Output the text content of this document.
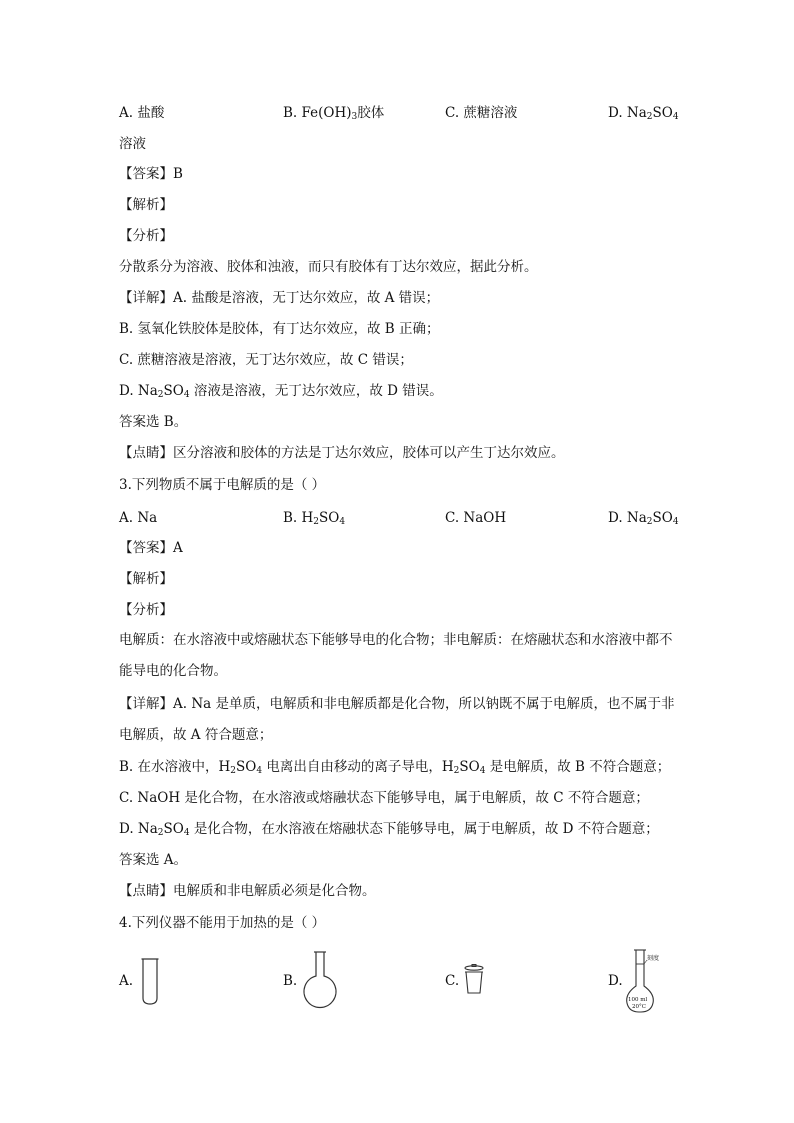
A. 盐酸	B. $Fe(OH)_3$胶体	C. 蔗糖溶液	D. $Na_2SO_4$
溶液
【答案】B
【解析】
【分析】
分散系分为溶液、胶体和浊液，而只有胶体有丁达尔效应，据此分析。
【详解】A. 盐酸是溶液，无丁达尔效应，故 A 错误；
B. 氢氧化铁胶体是胶体，有丁达尔效应，故 B 正确；
C. 蔗糖溶液是溶液，无丁达尔效应，故 C 错误；
D. $Na_2SO_4$ 溶液是溶液，无丁达尔效应，故 D 错误。
答案选 B。
【点睛】区分溶液和胶体的方法是丁达尔效应，胶体可以产生丁达尔效应。
3.下列物质不属于电解质的是（ ）
A. Na	B. $H_2SO_4$	C. NaOH	D. $Na_2SO_4$
【答案】A
【解析】
【分析】
电解质：在水溶液中或熔融状态下能够导电的化合物；非电解质：在熔融状态和水溶液中都不能导电的化合物。
【详解】A. Na 是单质，电解质和非电解质都是化合物，所以钠既不属于电解质，也不属于非电解质，故 A 符合题意；
B. 在水溶液中，$H_2SO_4$ 电离出自由移动的离子导电，$H_2SO_4$ 是电解质，故 B 不符合题意；
C. NaOH 是化合物，在水溶液或熔融状态下能够导电，属于电解质，故 C 不符合题意；
D. $Na_2SO_4$ 是化合物，在水溶液在熔融状态下能够导电，属于电解质，故 D 不符合题意；
答案选 A。
【点睛】电解质和非电解质必须是化合物。
4.下列仪器不能用于加热的是（ ）
A.	B.	C.	D.
刻度
100 ml
20°C
